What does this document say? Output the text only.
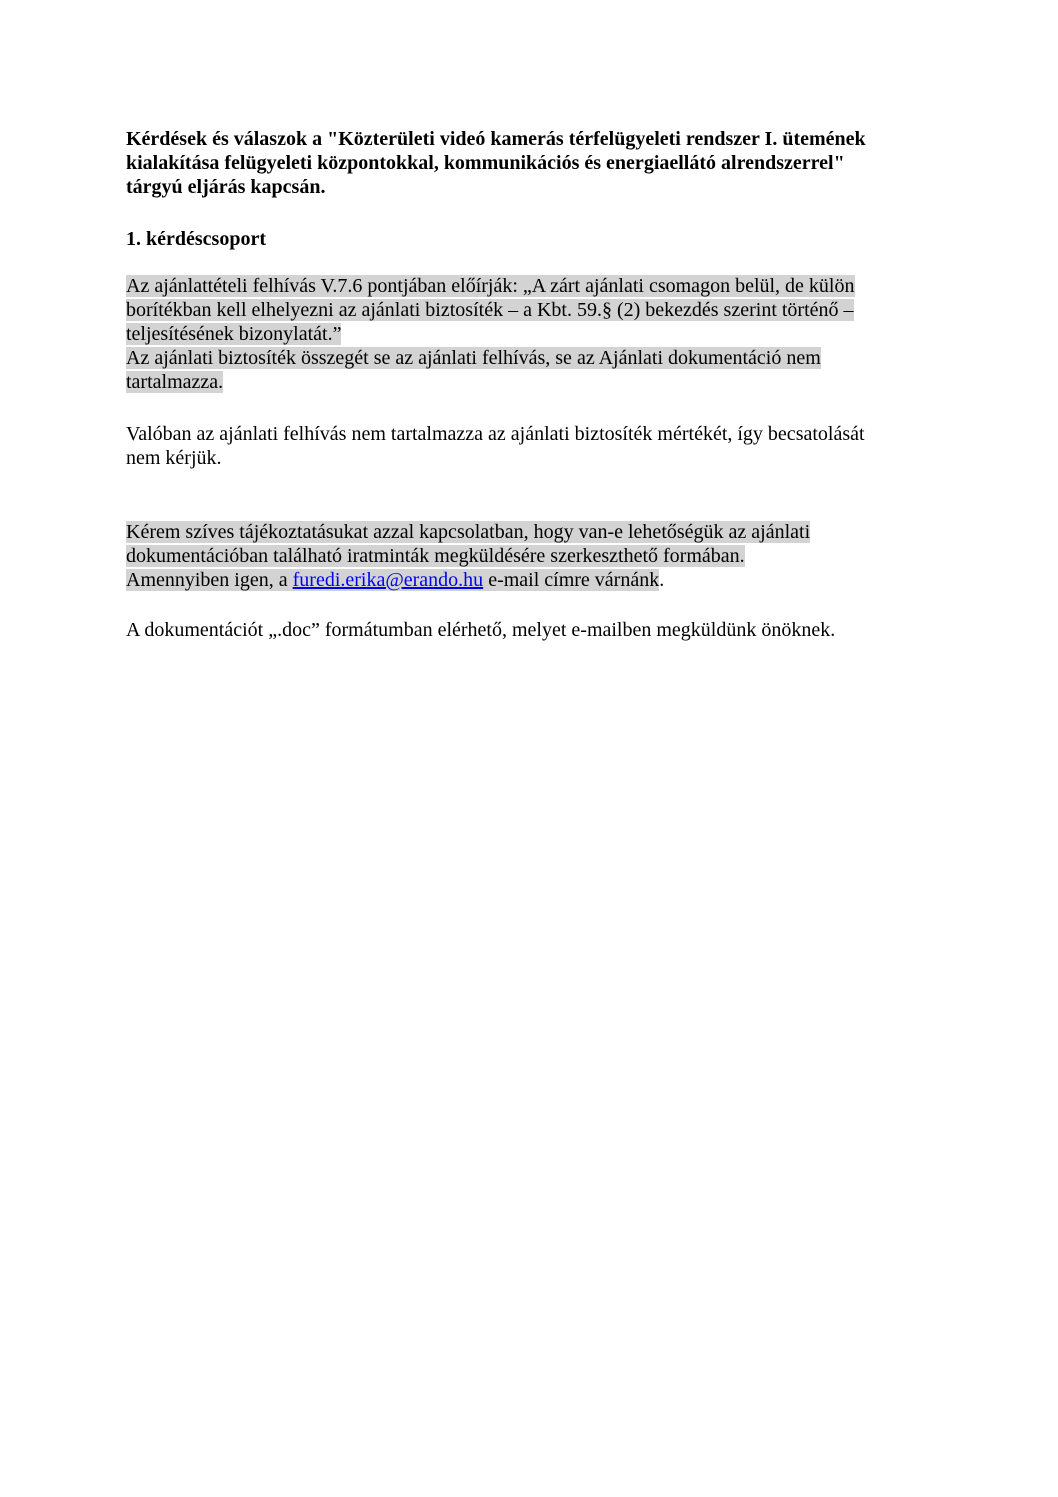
Kérdések és válaszok a "Közterületi videó kamerás térfelügyeleti rendszer I. ütemének
kialakítása felügyeleti központokkal, kommunikációs és energiaellátó alrendszerrel"
tárgyú eljárás kapcsán.
1. kérdéscsoport
Az ajánlattételi felhívás V.7.6 pontjában előírják: „A zárt ajánlati csomagon belül, de külön
borítékban kell elhelyezni az ajánlati biztosíték – a Kbt. 59.§ (2) bekezdés szerint történő –
teljesítésének bizonylatát.”
Az ajánlati biztosíték összegét se az ajánlati felhívás, se az Ajánlati dokumentáció nem
tartalmazza.
Valóban az ajánlati felhívás nem tartalmazza az ajánlati biztosíték mértékét, így becsatolását
nem kérjük.
Kérem szíves tájékoztatásukat azzal kapcsolatban, hogy van-e lehetőségük az ajánlati
dokumentációban található iratminták megküldésére szerkeszthető formában.
Amennyiben igen, a furedi.erika@erando.hu e-mail címre várnánk.
A dokumentációt „.doc” formátumban elérhető, melyet e-mailben megküldünk önöknek.
